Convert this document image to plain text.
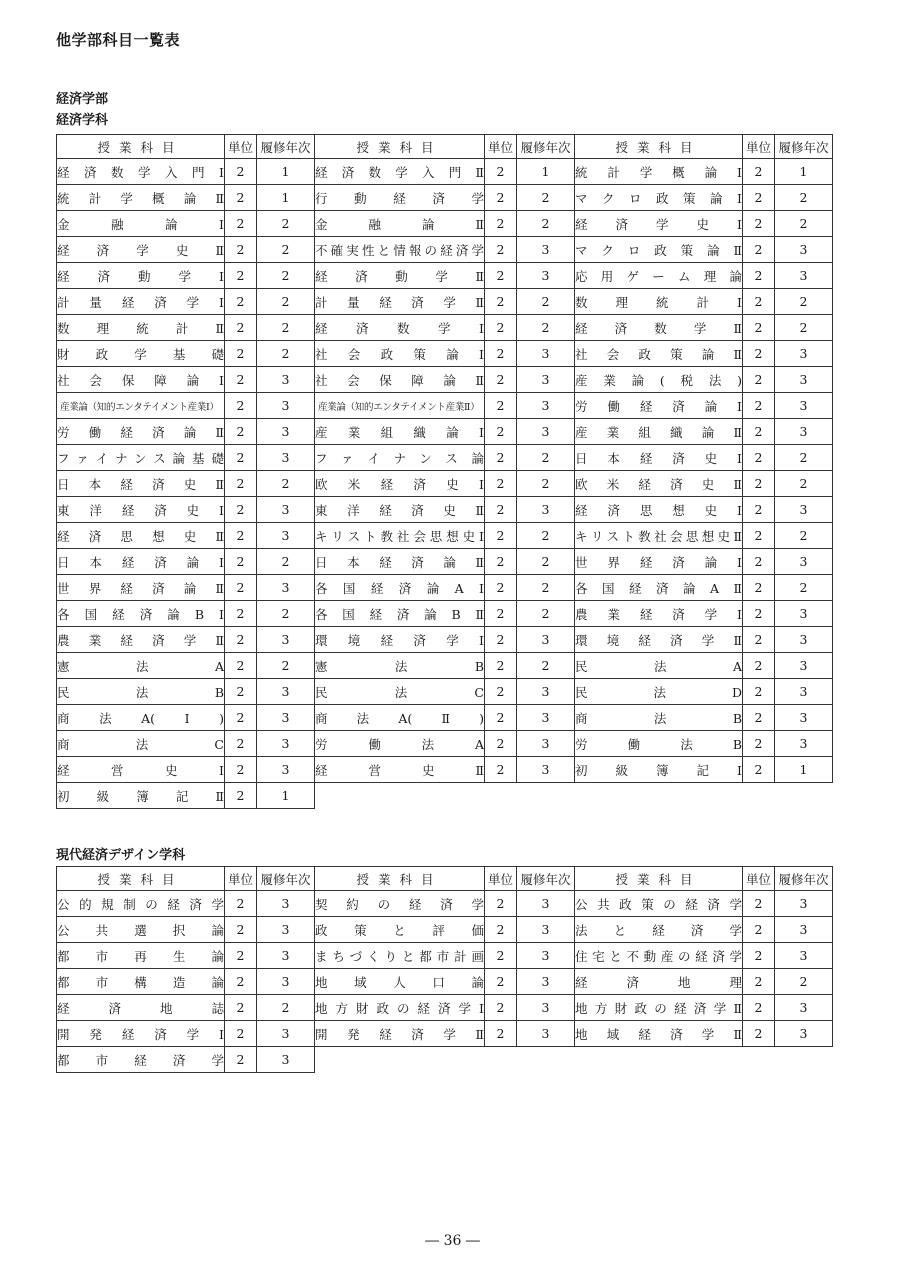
他学部科目一覧表
経済学部
経済学科
授業科目	単位	履修年次	授業科目	単位	履修年次	授業科目	単位	履修年次
経済数学入門Ⅰ	2	1	経済数学入門Ⅱ	2	1	統計学概論Ⅰ	2	1
統計学概論Ⅱ	2	1	行動経済学	2	2	マクロ政策論Ⅰ	2	2
金融論Ⅰ	2	2	金融論Ⅱ	2	2	経済学史Ⅰ	2	2
経済学史Ⅱ	2	2	不確実性と情報の経済学	2	3	マクロ政策論Ⅱ	2	3
経済動学Ⅰ	2	2	経済動学Ⅱ	2	3	応用ゲーム理論	2	3
計量経済学Ⅰ	2	2	計量経済学Ⅱ	2	2	数理統計Ⅰ	2	2
数理統計Ⅱ	2	2	経済数学Ⅰ	2	2	経済数学Ⅱ	2	2
財政学基礎	2	2	社会政策論Ⅰ	2	3	社会政策論Ⅱ	2	3
社会保障論Ⅰ	2	3	社会保障論Ⅱ	2	3	産業論(税法)	2	3
産業論（知的エンタテイメント産業Ⅰ）	2	3	産業論（知的エンタテイメント産業Ⅱ）	2	3	労働経済論Ⅰ	2	3
労働経済論Ⅱ	2	3	産業組織論Ⅰ	2	3	産業組織論Ⅱ	2	3
ファイナンス論基礎	2	3	ファイナンス論	2	2	日本経済史Ⅰ	2	2
日本経済史Ⅱ	2	2	欧米経済史Ⅰ	2	2	欧米経済史Ⅱ	2	2
東洋経済史Ⅰ	2	3	東洋経済史Ⅱ	2	3	経済思想史Ⅰ	2	3
経済思想史Ⅱ	2	3	キリスト教社会思想史Ⅰ	2	2	キリスト教社会思想史Ⅱ	2	2
日本経済論Ⅰ	2	2	日本経済論Ⅱ	2	2	世界経済論Ⅰ	2	3
世界経済論Ⅱ	2	3	各国経済論AⅠ	2	2	各国経済論AⅡ	2	2
各国経済論BⅠ	2	2	各国経済論BⅡ	2	2	農業経済学Ⅰ	2	3
農業経済学Ⅱ	2	3	環境経済学Ⅰ	2	3	環境経済学Ⅱ	2	3
憲法A	2	2	憲法B	2	2	民法A	2	3
民法B	2	3	民法C	2	3	民法D	2	3
商法A(Ⅰ)	2	3	商法A(Ⅱ)	2	3	商法B	2	3
商法C	2	3	労働法A	2	3	労働法B	2	3
経営史Ⅰ	2	3	経営史Ⅱ	2	3	初級簿記Ⅰ	2	1
初級簿記Ⅱ	2	1						
現代経済デザイン学科
授業科目	単位	履修年次	授業科目	単位	履修年次	授業科目	単位	履修年次
公的規制の経済学	2	3	契約の経済学	2	3	公共政策の経済学	2	3
公共選択論	2	3	政策と評価	2	3	法と経済学	2	3
都市再生論	2	3	まちづくりと都市計画	2	3	住宅と不動産の経済学	2	3
都市構造論	2	3	地域人口論	2	3	経済地理	2	2
経済地誌	2	2	地方財政の経済学Ⅰ	2	3	地方財政の経済学Ⅱ	2	3
開発経済学Ⅰ	2	3	開発経済学Ⅱ	2	3	地域経済学Ⅱ	2	3
都市経済学	2	3						
― 36 ―
